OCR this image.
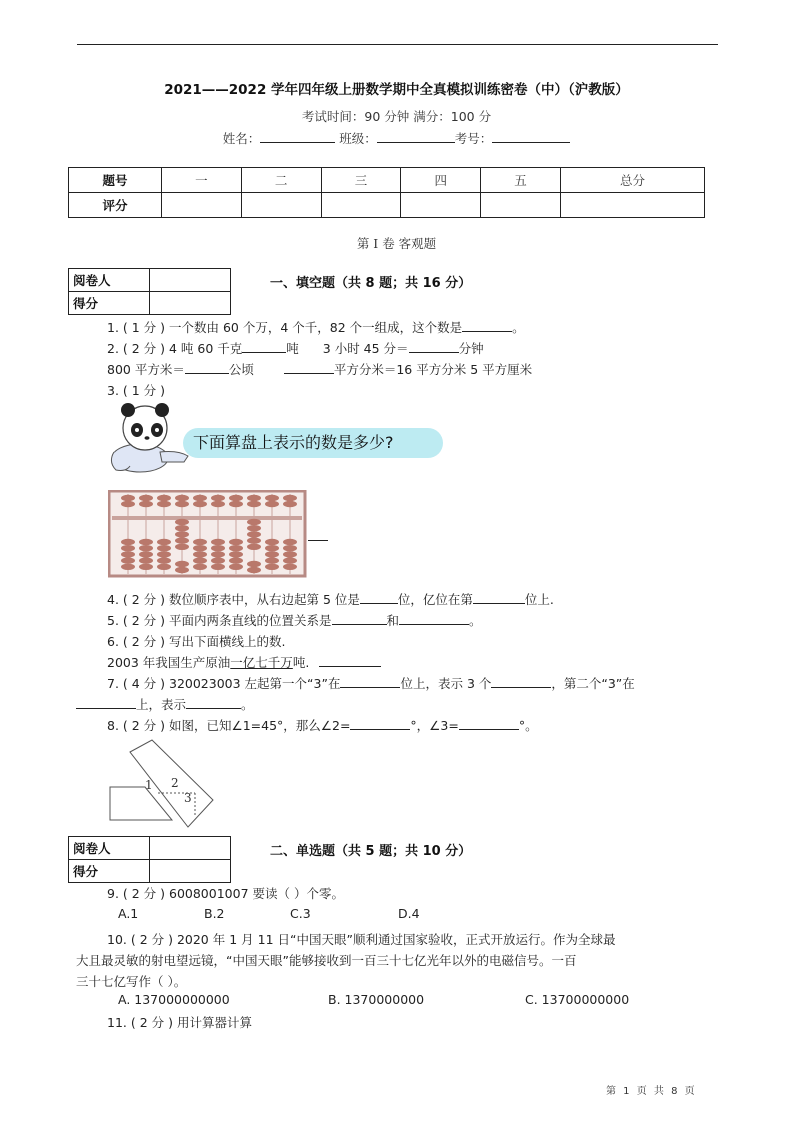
2021——2022 学年四年级上册数学期中全真模拟训练密卷（中）（沪教版）
考试时间：90 分钟 满分：100 分
姓名：	班级：	考号：
题号	一	二	三	四	五	总分
评分						
第 I 卷 客观题
阅卷人	
得分	
一、填空题（共 8 题；共 16 分）
1. ( 1 分 ) 一个数由 60 个万，4 个千，82 个一组成，这个数是	。
2. ( 2 分 ) 4 吨 60 千克	吨 3 小时 45 分＝	分钟
800 平方米＝	公顷	平方分米＝16 平方分米 5 平方厘米
3. ( 1 分 )
下面算盘上表示的数是多少?
4. ( 2 分 ) 数位顺序表中，从右边起第 5 位是	位，亿位在第	位上.
5. ( 2 分 ) 平面内两条直线的位置关系是	和	。
6. ( 2 分 ) 写出下面横线上的数.
2003 年我国生产原油一亿七千万吨.
7. ( 4 分 ) 320023003 左起第一个“3”在	位上，表示 3 个	，第二个“3”在
上，表示	。
8. ( 2 分 ) 如图，已知∠1=45°，那么∠2=	°，∠3=	°。
1 2
3
阅卷人	
得分	
二、单选题（共 5 题；共 10 分）
9. ( 2 分 ) 6008001007 要读（ ）个零。
A.1	B.2	C.3	D.4
10. ( 2 分 ) 2020 年 1 月 11 日“中国天眼”顺利通过国家验收，正式开放运行。作为全球最
大且最灵敏的射电望远镜，“中国天眼”能够接收到一百三十七亿光年以外的电磁信号。一百
三十七亿写作（ ）。
A. 137000000000	B. 1370000000	C. 13700000000
11. ( 2 分 ) 用计算器计算
第 1 页 共 8 页
